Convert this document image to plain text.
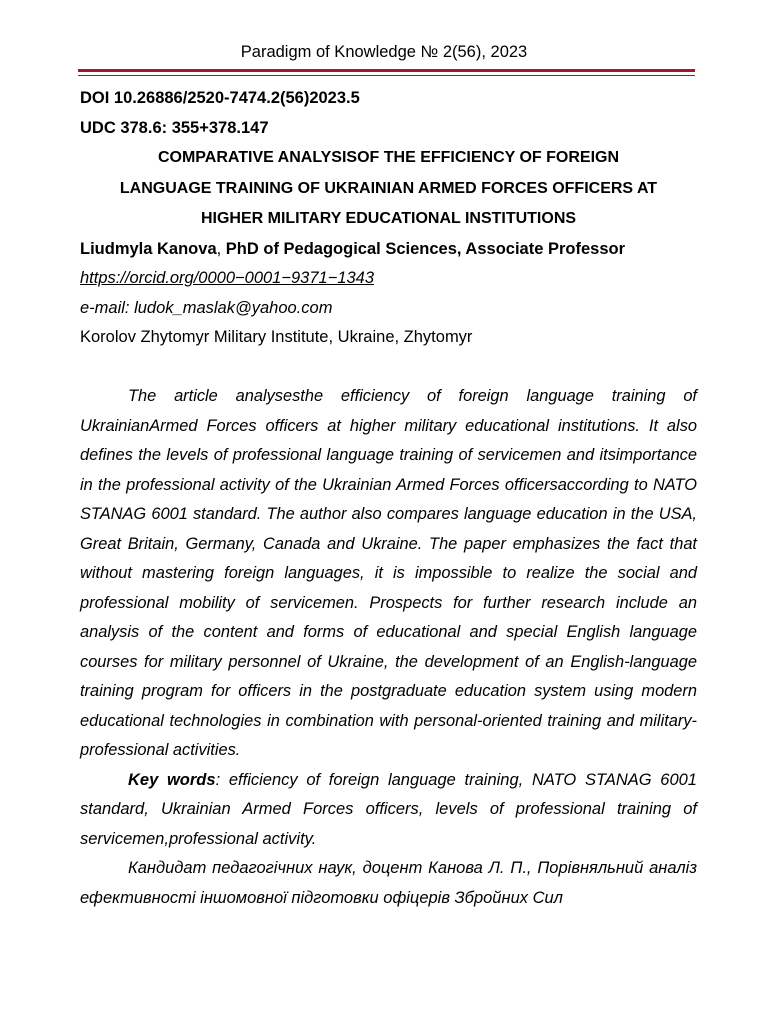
Paradigm of Knowledge № 2(56), 2023
DOI 10.26886/2520-7474.2(56)2023.5
UDC 378.6: 355+378.147
COMPARATIVE ANALYSISOF THE EFFICIENCY OF FOREIGN
LANGUAGE TRAINING OF UKRAINIAN ARMED FORCES OFFICERS AT
HIGHER MILITARY EDUCATIONAL INSTITUTIONS
Liudmyla Kanova, PhD of Pedagogical Sciences, Associate Professor
https://orcid.org/0000−0001−9371−1343
e-mail: ludok_maslak@yahoo.com
Korolov Zhytomyr Military Institute, Ukraine, Zhytomyr

The article analysesthe efficiency of foreign language training of UkrainianArmed Forces officers at higher military educational institutions. It also defines the levels of professional language training of servicemen and itsimportance in the professional activity of the Ukrainian Armed Forces officersaccording to NATO STANAG 6001 standard. The author also compares language education in the USA, Great Britain, Germany, Canada and Ukraine. The paper emphasizes the fact that without mastering foreign languages, it is impossible to realize the social and professional mobility of servicemen. Prospects for further research include an analysis of the content and forms of educational and special English language courses for military personnel of Ukraine, the development of an English-language training program for officers in the postgraduate education system using modern educational technologies in combination with personal-oriented training and military-professional activities.

Key words: efficiency of foreign language training, NATO STANAG 6001 standard, Ukrainian Armed Forces officers, levels of professional training of servicemen,professional activity.

Кандидат педагогічних наук, доцент Канова Л. П., Порівняльний аналіз ефективності іншомовної підготовки офіцерів Збройних Сил
